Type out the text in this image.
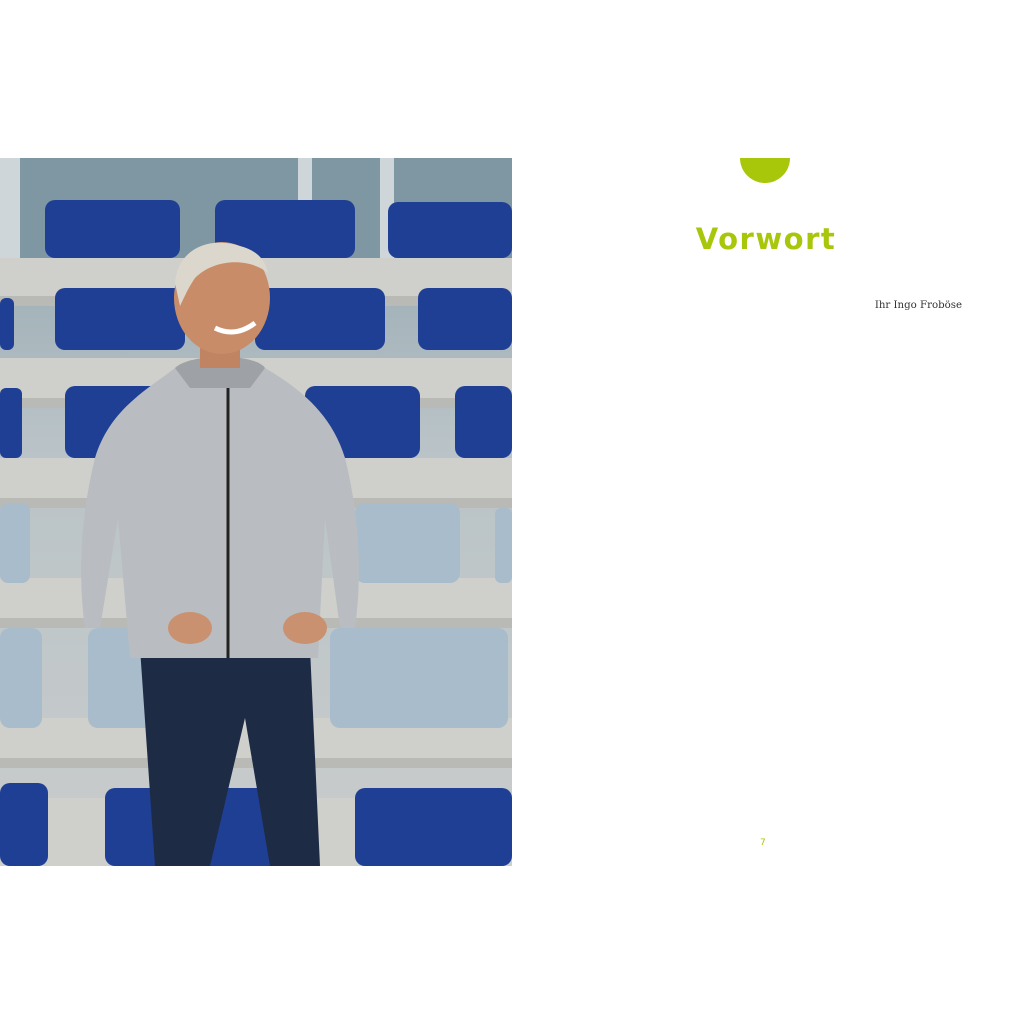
Vorwort

Ihr Ingo Froböse

7
